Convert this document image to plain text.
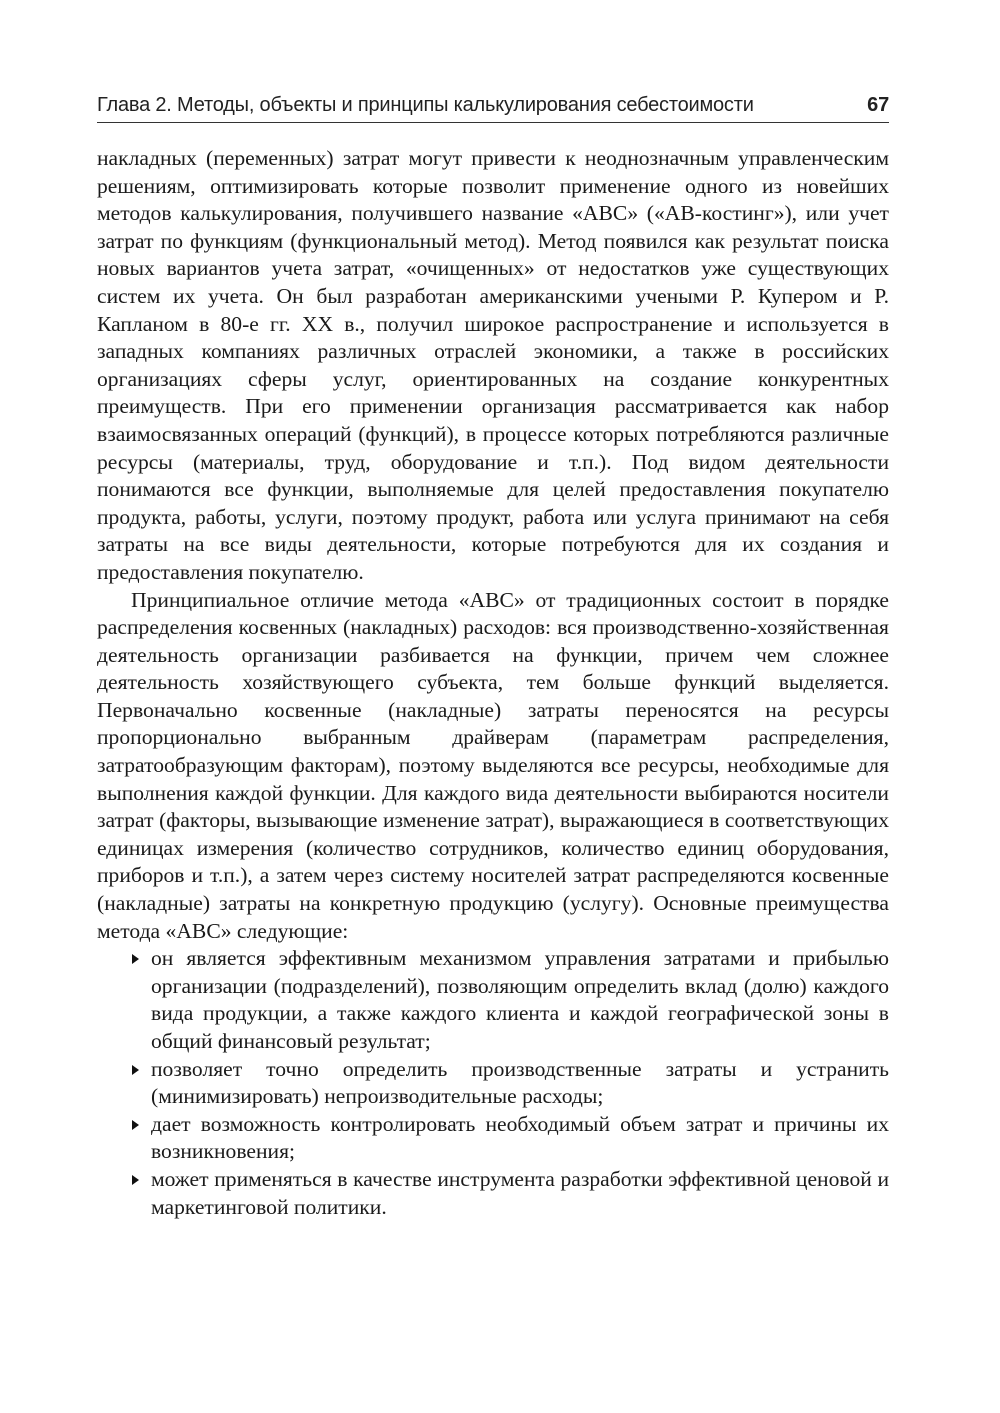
Глава 2. Методы, объекты и принципы калькулирования себестоимости	67

накладных (переменных) затрат могут привести к неоднозначным управленческим решениям, оптимизировать которые позволит применение одного из новейших методов калькулирования, получившего название «АВС» («АВ-костинг»), или учет затрат по функциям (функциональный метод). Метод появился как результат поиска новых вариантов учета затрат, «очищенных» от недостатков уже существующих систем их учета. Он был разработан американскими учеными Р. Купером и Р. Капланом в 80-е гг. XX в., получил широкое распространение и используется в западных компаниях различных отраслей экономики, а также в российских организациях сферы услуг, ориентированных на создание конкурентных преимуществ. При его применении организация рассматривается как набор взаимосвязанных операций (функций), в процессе которых потребляются различные ресурсы (материалы, труд, оборудование и т.п.). Под видом деятельности понимаются все функции, выполняемые для целей предоставления покупателю продукта, работы, услуги, поэтому продукт, работа или услуга принимают на себя затраты на все виды деятельности, которые потребуются для их создания и предоставления покупателю.

Принципиальное отличие метода «АВС» от традиционных состоит в порядке распределения косвенных (накладных) расходов: вся производственно-хозяйственная деятельность организации разбивается на функции, причем чем сложнее деятельность хозяйствующего субъекта, тем больше функций выделяется. Первоначально косвенные (накладные) затраты переносятся на ресурсы пропорционально выбранным драйверам (параметрам распределения, затратообразующим факторам), поэтому выделяются все ресурсы, необходимые для выполнения каждой функции. Для каждого вида деятельности выбираются носители затрат (факторы, вызывающие изменение затрат), выражающиеся в соответствующих единицах измерения (количество сотрудников, количество единиц оборудования, приборов и т.п.), а затем через систему носителей затрат распределяются косвенные (накладные) затраты на конкретную продукцию (услугу). Основные преимущества метода «АВС» следующие:

он является эффективным механизмом управления затратами и прибылью организации (подразделений), позволяющим определить вклад (долю) каждого вида продукции, а также каждого клиента и каждой географической зоны в общий финансовый результат;
позволяет точно определить производственные затраты и устранить (минимизировать) непроизводительные расходы;
дает возможность контролировать необходимый объем затрат и причины их возникновения;
может применяться в качестве инструмента разработки эффективной ценовой и маркетинговой политики.
